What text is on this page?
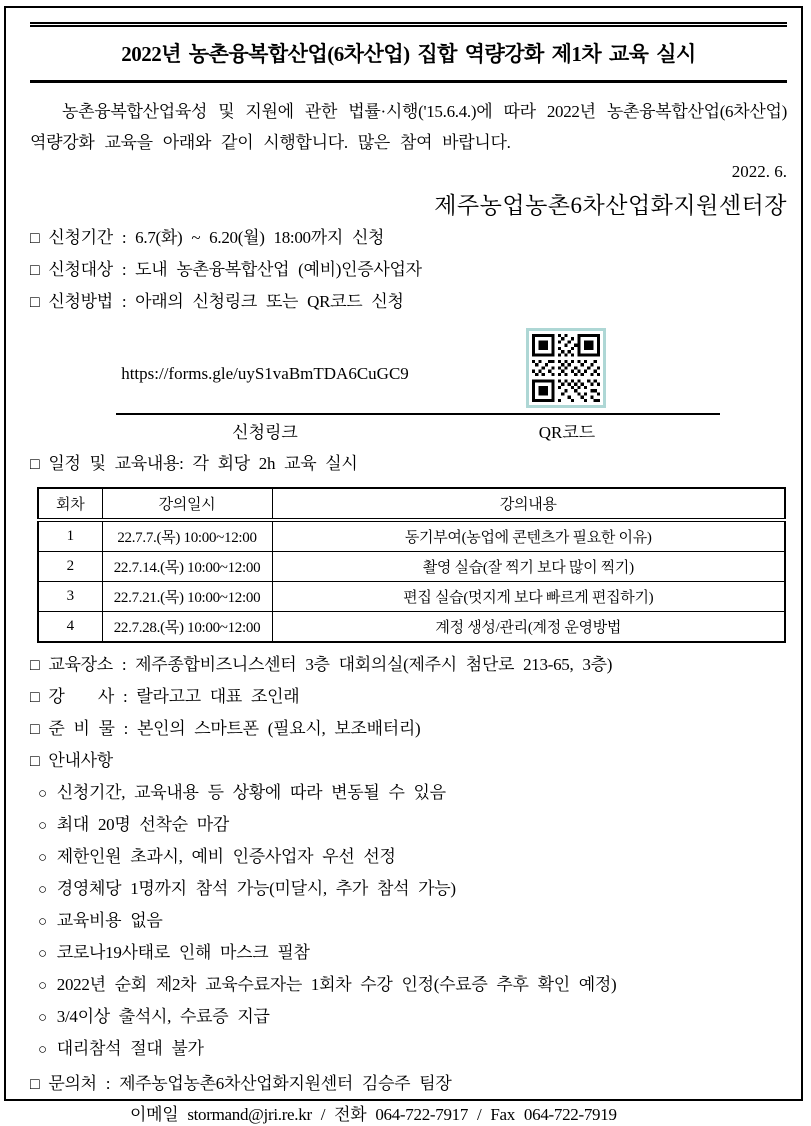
2022년 농촌융복합산업(6차산업) 집합 역량강화 제1차 교육 실시
농촌융복합산업육성 및 지원에 관한 법률·시행('15.6.4.)에 따라 2022년 농촌융복합산업(6차산업) 역량강화 교육을 아래와 같이 시행합니다. 많은 참여 바랍니다.
2022. 6.
제주농업농촌6차산업화지원센터장
□ 신청기간 : 6.7(화) ~ 6.20(월) 18:00까지 신청
□ 신청대상 : 도내 농촌융복합산업 (예비)인증사업자
□ 신청방법 : 아래의 신청링크 또는 QR코드 신청
https://forms.gle/uyS1vaBmTDA6CuGC9
신청링크	QR코드
□ 일정 및 교육내용: 각 회당 2h 교육 실시
회차	강의일시	강의내용
1	22.7.7.(목) 10:00~12:00	동기부여(농업에 콘텐츠가 필요한 이유)
2	22.7.14.(목) 10:00~12:00	촬영 실습(잘 찍기 보다 많이 찍기)
3	22.7.21.(목) 10:00~12:00	편집 실습(멋지게 보다 빠르게 편집하기)
4	22.7.28.(목) 10:00~12:00	계정 생성/관리(계정 운영방법
□ 교육장소 : 제주종합비즈니스센터 3층 대회의실(제주시 첨단로 213-65, 3층)
□ 강　　사 : 랄라고고 대표 조인래
□ 준 비 물 : 본인의 스마트폰 (필요시, 보조배터리)
□ 안내사항
○ 신청기간, 교육내용 등 상황에 따라 변동될 수 있음
○ 최대 20명 선착순 마감
○ 제한인원 초과시, 예비 인증사업자 우선 선정
○ 경영체당 1명까지 참석 가능(미달시, 추가 참석 가능)
○ 교육비용 없음
○ 코로나19사태로 인해 마스크 필참
○ 2022년 순회 제2차 교육수료자는 1회차 수강 인정(수료증 추후 확인 예정)
○ 3/4이상 출석시, 수료증 지급
○ 대리참석 절대 불가
□ 문의처 : 제주농업농촌6차산업화지원센터 김승주 팀장
이메일 stormand@jri.re.kr / 전화 064-722-7917 / Fax 064-722-7919
